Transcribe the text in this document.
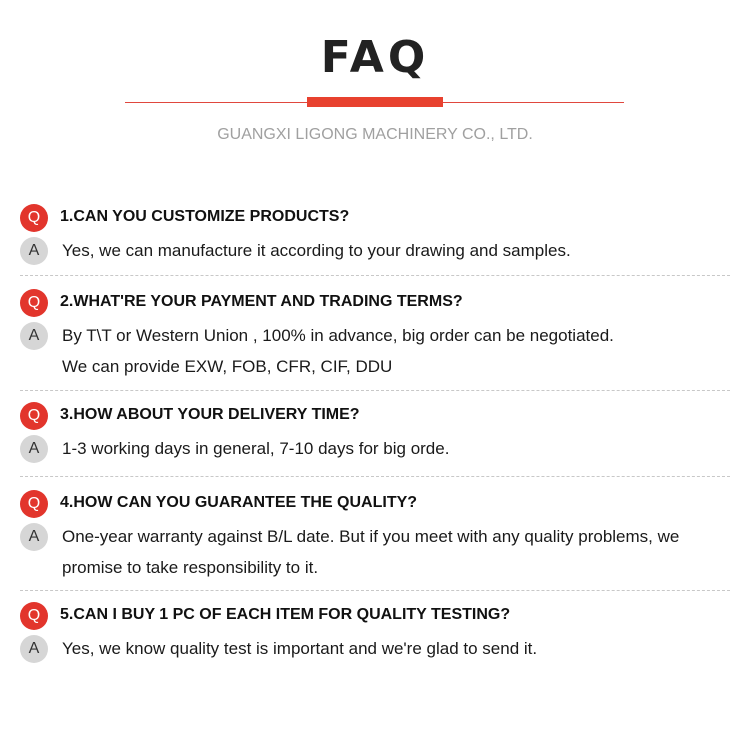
FAQ
GUANGXI LIGONG MACHINERY CO., LTD.
Q	1.CAN YOU CUSTOMIZE PRODUCTS?
A	Yes, we can manufacture it according to your drawing and samples.
Q	2.WHAT'RE YOUR PAYMENT AND TRADING TERMS?
A	By T\T or Western Union , 100% in advance, big order can be negotiated.
We can provide EXW, FOB, CFR, CIF, DDU
Q	3.HOW ABOUT YOUR DELIVERY TIME?
A	1-3 working days in general, 7-10 days for big orde.
Q	4.HOW CAN YOU GUARANTEE THE QUALITY?
A	One-year warranty against B/L date. But if you meet with any quality problems, we promise to take responsibility to it.
Q	5.CAN I BUY 1 PC OF EACH ITEM FOR QUALITY TESTING?
A	Yes, we know quality test is important and we're glad to send it.
